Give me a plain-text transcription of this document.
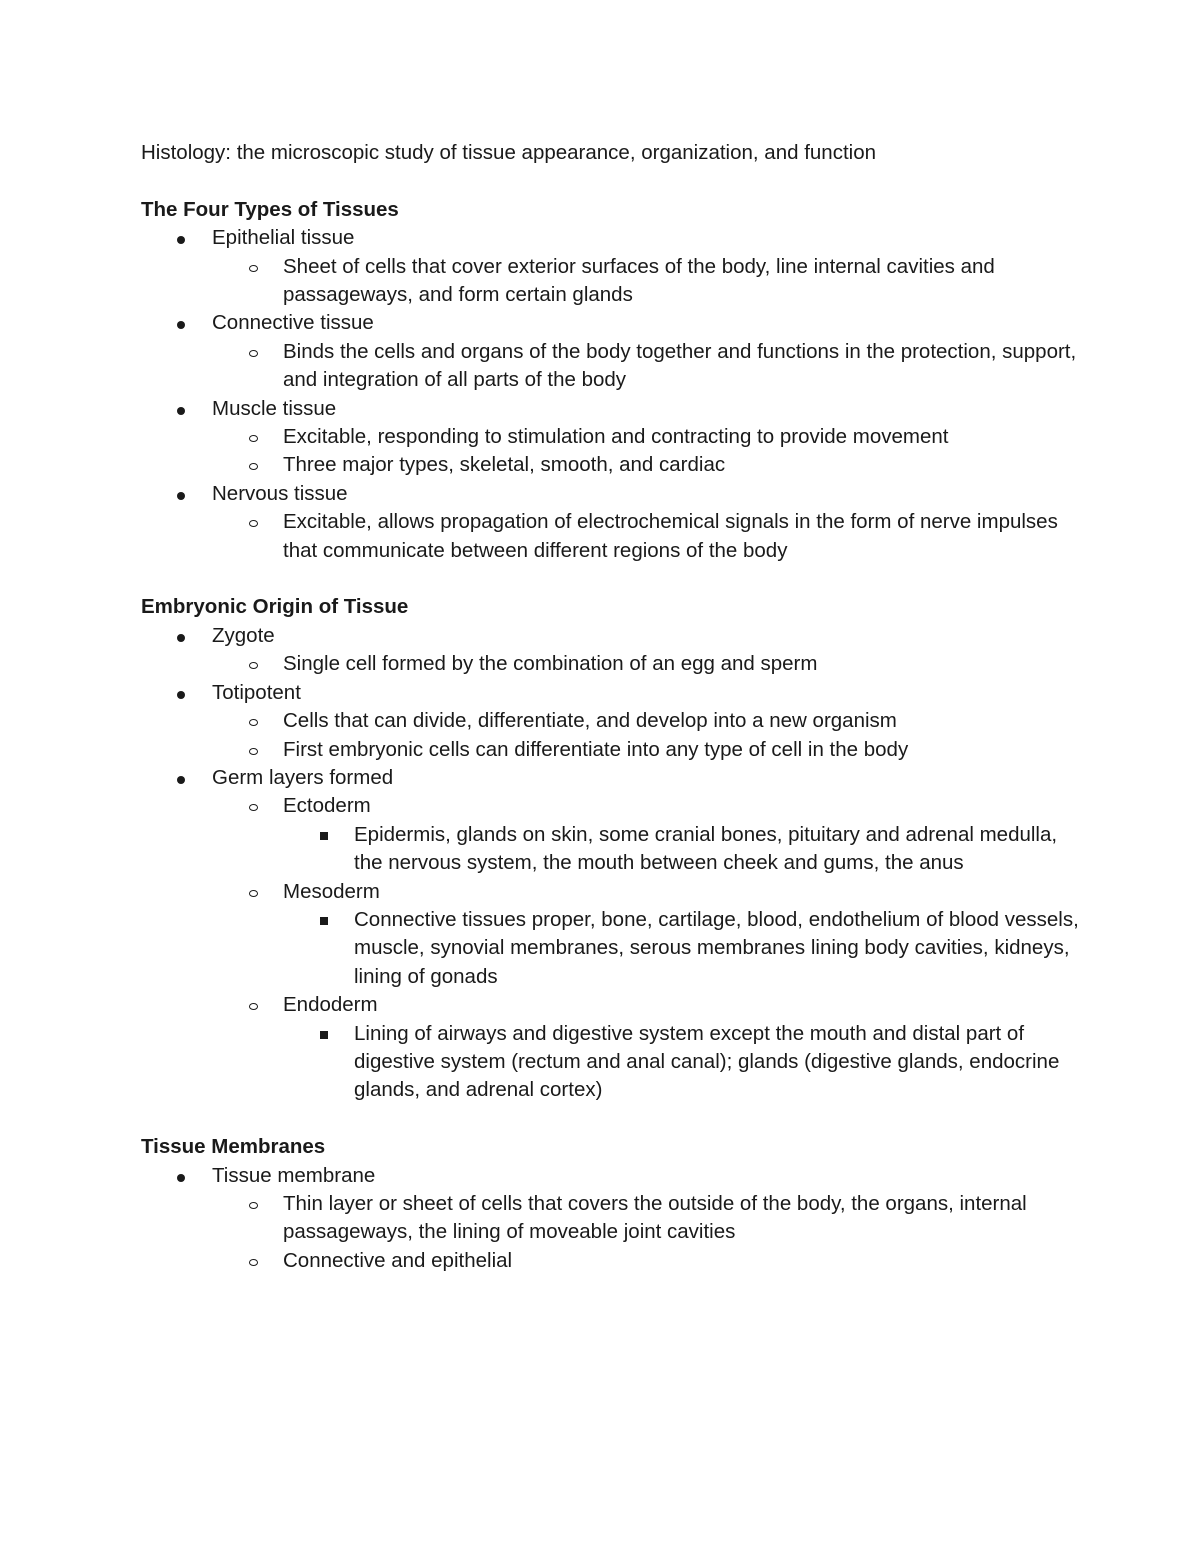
Histology: the microscopic study of tissue appearance, organization, and function

The Four Types of Tissues

Epithelial tissue
Sheet of cells that cover exterior surfaces of the body, line internal cavities and passageways, and form certain glands
Connective tissue
Binds the cells and organs of the body together and functions in the protection, support, and integration of all parts of the body
Muscle tissue
Excitable, responding to stimulation and contracting to provide movement
Three major types, skeletal, smooth, and cardiac
Nervous tissue
Excitable, allows propagation of electrochemical signals in the form of nerve impulses that communicate between different regions of the body

Embryonic Origin of Tissue

Zygote
Single cell formed by the combination of an egg and sperm
Totipotent
Cells that can divide, differentiate, and develop into a new organism
First embryonic cells can differentiate into any type of cell in the body
Germ layers formed
Ectoderm
Epidermis, glands on skin, some cranial bones, pituitary and adrenal medulla, the nervous system, the mouth between cheek and gums, the anus
Mesoderm
Connective tissues proper, bone, cartilage, blood, endothelium of blood vessels, muscle, synovial membranes, serous membranes lining body cavities, kidneys, lining of gonads
Endoderm
Lining of airways and digestive system except the mouth and distal part of digestive system (rectum and anal canal); glands (digestive glands, endocrine glands, and adrenal cortex)

Tissue Membranes

Tissue membrane
Thin layer or sheet of cells that covers the outside of the body, the organs, internal passageways, the lining of moveable joint cavities
Connective and epithelial
